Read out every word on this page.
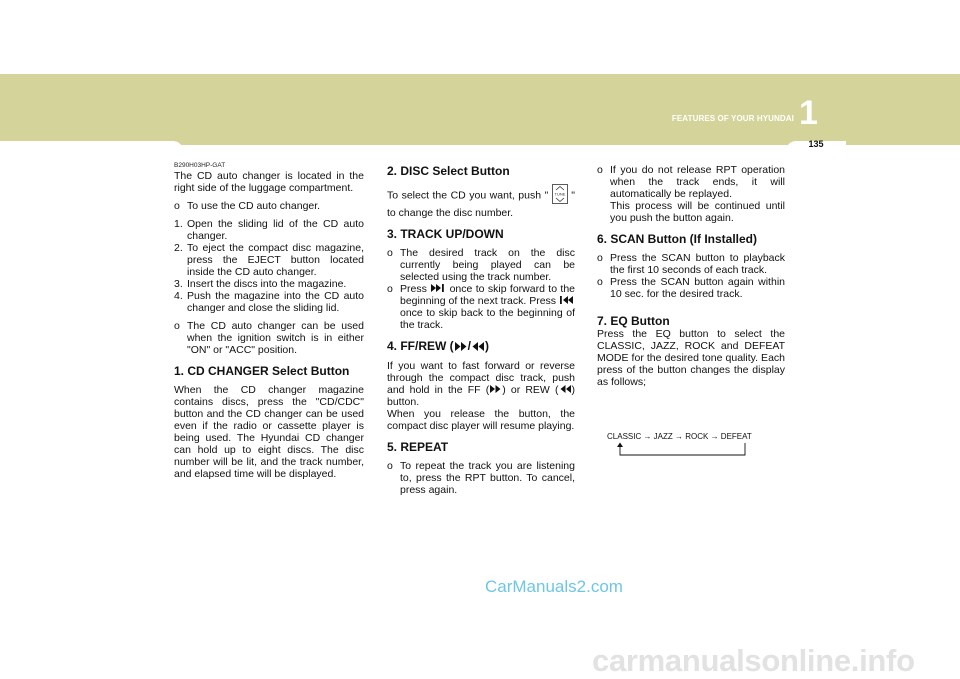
FEATURES OF YOUR HYUNDAI 1
135
B290H03HP-GAT

The CD auto changer is located in the right side of the luggage compartment.

o To use the CD auto changer.

1. Open the sliding lid of the CD auto changer.

2. To eject the compact disc magazine, press the EJECT button located inside the CD auto changer.

3. Insert the discs into the magazine.

4. Push the magazine into the CD auto changer and close the sliding lid.

o The CD auto changer can be used when the ignition switch is in either "ON" or "ACC" position.

1. CD CHANGER Select Button

When the CD changer magazine contains discs, press the "CD/CDC" button and the CD changer can be used even if the radio or cassette player is being used. The Hyundai CD changer can hold up to eight discs. The disc number will be lit, and the track number, and elapsed time will be displayed.

2. DISC Select Button

To select the CD you want, push " TUNE " to change the disc number.

3. TRACK UP/DOWN

o The desired track on the disc currently being played can be selected using the track number.

o Press once to skip forward to the beginning of the next track. Press  once to skip back to the beginning of the track.

4. FF/REW ( / )

If you want to fast forward or reverse through the compact disc track, push and hold in the FF ( ) or REW ( ) button.

When you release the button, the compact disc player will resume playing.

5. REPEAT

o To repeat the track you are listening to, press the RPT button. To cancel, press again.

o If you do not release RPT operation when the track ends, it will automatically be replayed.
This process will be continued until you push the button again.

6. SCAN Button (If Installed)

o Press the SCAN button to playback the first 10 seconds of each track.

o Press the SCAN button again within 10 sec. for the desired track.

7. EQ Button

Press the EQ button to select the CLASSIC, JAZZ, ROCK and DEFEAT MODE for the desired tone quality. Each press of the button changes the display as follows;

CLASSIC → JAZZ → ROCK → DEFEAT
CarManuals2.com
carmanualsonline.info
